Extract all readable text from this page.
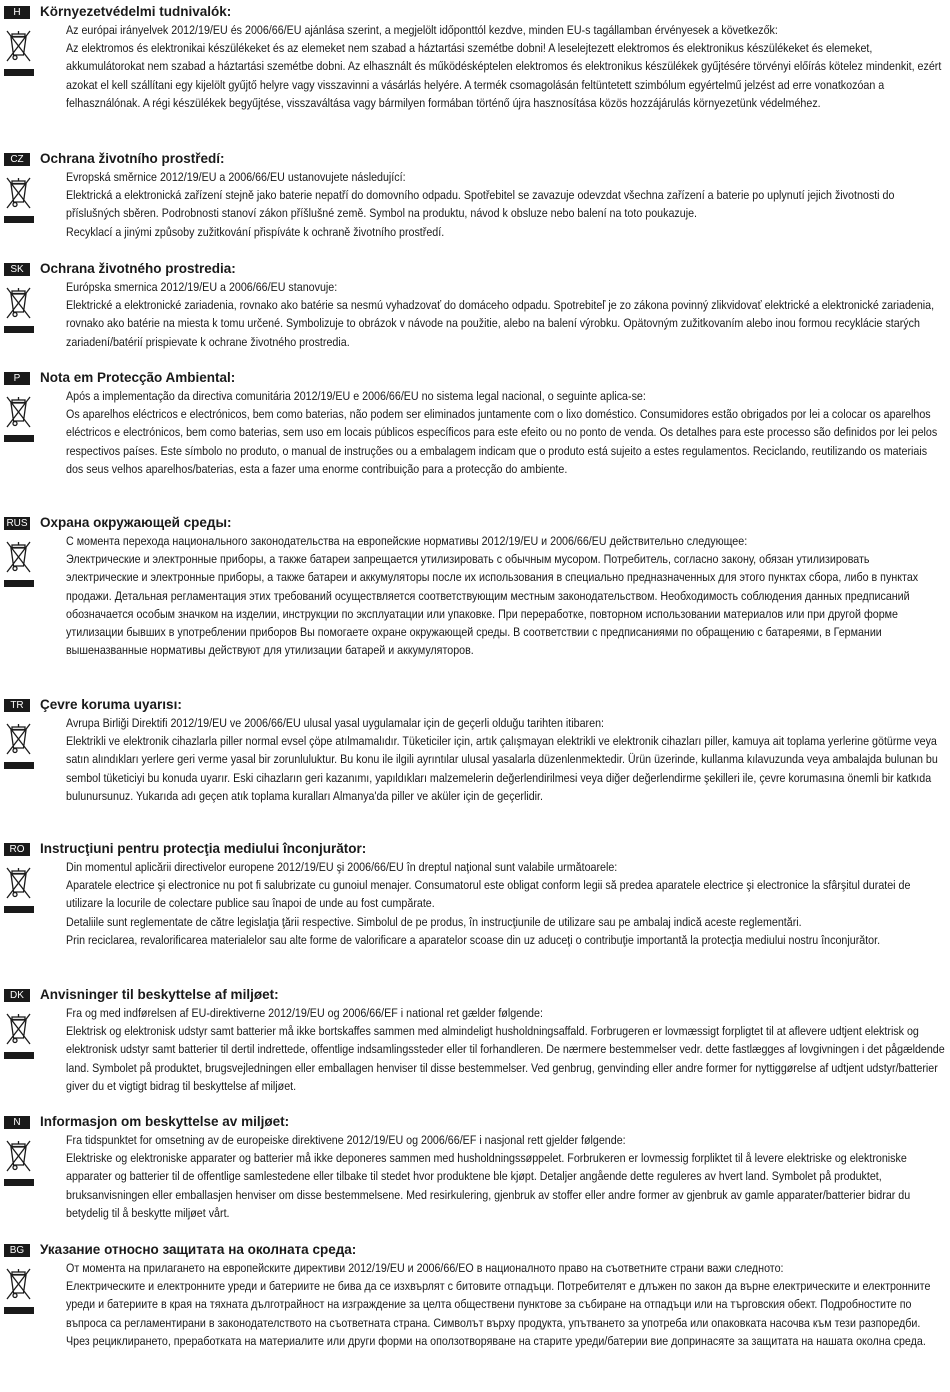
H	Környezetvédelmi tudnivalók:

Az európai irányelvek 2012/19/EU és 2006/66/EU ajánlása szerint, a megjelölt időponttól kezdve, minden EU-s tagállamban érvényesek a következők:

Az elektromos és elektronikai készülékeket és az elemeket nem szabad a háztartási szemétbe dobni! A leselejtezett elektromos és elektronikus készülékeket és elemeket, akkumulátorokat nem szabad a háztartási szemétbe dobni. Az elhasznált és működésképtelen elektromos és elektronikus készülékek gyűjtésére törvényi előírás kötelez mindenkit, ezért azokat el kell szállítani egy kijelölt gyűjtő helyre vagy visszavinni a vásárlás helyére. A termék csomagolásán feltüntetett szimbólum egyértelmű jelzést ad erre vonatkozóan a felhasználónak. A régi készülékek begyűjtése, visszaváltása vagy bármilyen formában történő újra hasznosítása közös hozzájárulás környezetünk védelméhez.

CZ	Ochrana životního prostředí:

Evropská směrnice 2012/19/EU a 2006/66/EU ustanovujete následující:

Elektrická a elektronická zařízení stejně jako baterie nepatří do domovního odpadu. Spotřebitel se zavazuje odevzdat všechna zařízení a baterie po uplynutí jejich životnosti do příslušných sběren. Podrobnosti stanoví zákon příšlušné země. Symbol na produktu, návod k obsluze nebo balení na toto poukazuje.

Recyklací a jinými způsoby zužitkování přispíváte k ochraně životního prostředí.

SK	Ochrana životného prostredia:

Európska smernica 2012/19/EU a 2006/66/EU stanovuje:

Elektrické a elektronické zariadenia, rovnako ako batérie sa nesmú vyhadzovať do domáceho odpadu. Spotrebiteľ je zo zákona povinný zlikvidovať elektrické a elektronické zariadenia, rovnako ako batérie na miesta k tomu určené. Symbolizuje to obrázok v návode na použitie, alebo na balení výrobku. Opätovným zužitkovaním alebo inou formou recyklácie starých zariadení/batérií prispievate k ochrane životného prostredia.

P	Nota em Protecção Ambiental:

Após a implementação da directiva comunitária 2012/19/EU e 2006/66/EU no sistema legal nacional, o seguinte aplica-se:

Os aparelhos eléctricos e electrónicos, bem como baterias, não podem ser eliminados juntamente com o lixo doméstico. Consumidores estão obrigados por lei a colocar os aparelhos eléctricos e electrónicos, bem como baterias, sem uso em locais públicos específicos para este efeito ou no ponto de venda. Os detalhes para este processo são definidos por lei pelos respectivos países. Este símbolo no produto, o manual de instruções ou a embalagem indicam que o produto está sujeito a estes regulamentos. Reciclando, reutilizando os materiais dos seus velhos aparelhos/baterias, esta a fazer uma enorme contribuição para a protecção do ambiente.

RUS Охрана окружающей среды:

С момента перехода национального законодательства на европейские нормативы 2012/19/EU и 2006/66/EU действительно следующее:

Электрические и электронные приборы, а также батареи запрещается утилизировать с обычным мусором. Потребитель, согласно закону, обязан утилизировать электрические и электронные приборы, а также батареи и аккумуляторы после их использования в специально предназначенных для этого пунктах сбора, либо в пунктах продажи. Детальная регламентация этих требований осуществляется соответствующим местным законодательством. Необходимость соблюдения данных предписаний обозначается особым значком на изделии, инструкции по эксплуатации или упаковке. При переработке, повторном использовании материалов или при другой форме утилизации бывших в употреблении приборов Вы помогаете охране окружающей среды. В соответствии с предписаниями по обращению с батареями, в Германии вышеназванные нормативы действуют для утилизации батарей и аккумуляторов.

TR	Çevre koruma uyarısı:

Avrupa Birliği Direktifi 2012/19/EU ve 2006/66/EU ulusal yasal uygulamalar için de geçerli olduğu tarihten itibaren:

Elektrikli ve elektronik cihazlarla piller normal evsel çöpe atılmamalıdır. Tüketiciler için, artık çalışmayan elektrikli ve elektronik cihazları piller, kamuya ait toplama yerlerine götürme veya satın alındıkları yerlere geri verme yasal bir zorunluluktur. Bu konu ile ilgili ayrıntılar ulusal yasalarla düzenlenmektedir. Ürün üzerinde, kullanma kılavuzunda veya ambalajda bulunan bu sembol tüketiciyi bu konuda uyarır. Eski cihazların geri kazanımı, yapıldıkları malzemelerin değerlendirilmesi veya diğer değerlendirme şekilleri ile, çevre korumasına önemli bir katkıda bulunursunuz. Yukarıda adı geçen atık toplama kuralları Almanya'da piller ve aküler için de geçerlidir.

RO	Instrucţiuni pentru protecţia mediului înconjurător:

Din momentul aplicării directivelor europene 2012/19/EU şi 2006/66/EU în dreptul naţional sunt valabile următoarele:

Aparatele electrice şi electronice nu pot fi salubrizate cu gunoiul menajer. Consumatorul este obligat conform legii să predea aparatele electrice şi electronice la sfârşitul duratei de utilizare la locurile de colectare publice sau înapoi de unde au fost cumpărate.

Detaliile sunt reglementate de către legislaţia ţării respective. Simbolul de pe produs, în instrucţiunile de utilizare sau pe ambalaj indică aceste reglementări.

Prin reciclarea, revalorificarea materialelor sau alte forme de valorificare a aparatelor scoase din uz aduceţi o contribuţie importantă la protecţia mediului nostru înconjurător.

DK	Anvisninger til beskyttelse af miljøet:

Fra og med indførelsen af EU-direktiverne 2012/19/EU og 2006/66/EF i national ret gælder følgende:

Elektrisk og elektronisk udstyr samt batterier må ikke bortskaffes sammen med almindeligt husholdningsaffald. Forbrugeren er lovmæssigt forpligtet til at aflevere udtjent elektrisk og elektronisk udstyr samt batterier til dertil indrettede, offentlige indsamlingssteder eller til forhandleren. De nærmere bestemmelser vedr. dette fastlægges af lovgivningen i det pågældende land. Symbolet på produktet, brugsvejledningen eller emballagen henviser til disse bestemmelser. Ved genbrug, genvinding eller andre former for nyttiggørelse af udtjent udstyr/batterier giver du et vigtigt bidrag til beskyttelse af miljøet.

N	Informasjon om beskyttelse av miljøet:

Fra tidspunktet for omsetning av de europeiske direktivene 2012/19/EU og 2006/66/EF i nasjonal rett gjelder følgende:

Elektriske og elektroniske apparater og batterier må ikke deponeres sammen med husholdningssøppelet. Forbrukeren er lovmessig forpliktet til å levere elektriske og elektroniske apparater og batterier til de offentlige samlestedene eller tilbake til stedet hvor produktene ble kjøpt. Detaljer angående dette reguleres av hvert land. Symbolet på produktet, bruksanvisningen eller emballasjen henviser om disse bestemmelsene. Med resirkulering, gjenbruk av stoffer eller andre former av gjenbruk av gamle apparater/batterier bidrar du betydelig til å beskytte miljøet vårt.

BG	Указание относно защитата на околната среда:

От момента на прилагането на европейските директиви 2012/19/EU и 2006/66/EO в националното право на съответните страни важи следното:

Електрическите и електронните уреди и батериите не бива да се изхвърлят с битовите отпадъци. Потребителят е длъжен по закон да върне електрическите и електронните уреди и батериите в края на тяхната дълготрайност на изграждение за целта обществени пунктове за събиране на отпадъци или на търговския обект. Подробностите по въпроса са регламентирани в законодателството на съответната страна. Символът върху продукта, упътването за употреба или опаковката насочва към тези разпоредби. Чрез рециклирането, преработката на материалите или други форми на оползотворяване на старите уреди/батерии вие допринасяте за защитата на нашата околна среда.
